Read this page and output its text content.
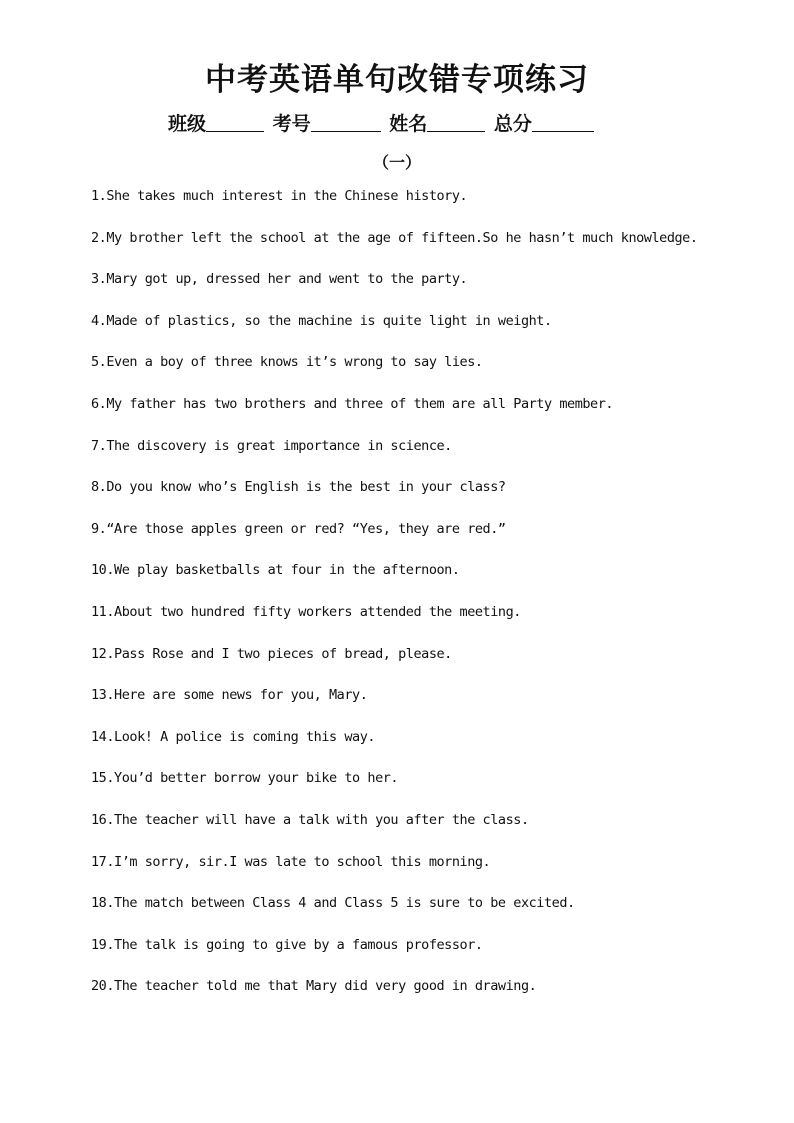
中考英语单句改错专项练习
班级	考号	姓名	总分
（一）
1.She takes much interest in the Chinese history.
2.My brother left the school at the age of fifteen.So he hasn’t much knowledge.
3.Mary got up, dressed her and went to the party.
4.Made of plastics, so the machine is quite light in weight.
5.Even a boy of three knows it’s wrong to say lies.
6.My father has two brothers and three of them are all Party member.
7.The discovery is great importance in science.
8.Do you know who’s English is the best in your class?
9.“Are those apples green or red? “Yes, they are red.”
10.We play basketballs at four in the afternoon.
11.About two hundred fifty workers attended the meeting.
12.Pass Rose and I two pieces of bread, please.
13.Here are some news for you, Mary.
14.Look! A police is coming this way.
15.You’d better borrow your bike to her.
16.The teacher will have a talk with you after the class.
17.I’m sorry, sir.I was late to school this morning.
18.The match between Class 4 and Class 5 is sure to be excited.
19.The talk is going to give by a famous professor.
20.The teacher told me that Mary did very good in drawing.
